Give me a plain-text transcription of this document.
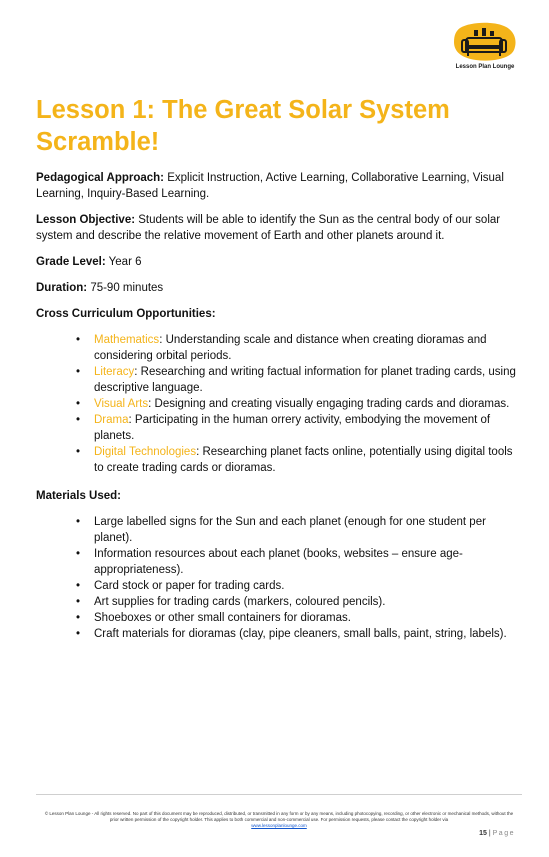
Lesson Plan Lounge
Lesson 1: The Great Solar System Scramble!

Pedagogical Approach: Explicit Instruction, Active Learning, Collaborative Learning, Visual Learning, Inquiry-Based Learning.

Lesson Objective: Students will be able to identify the Sun as the central body of our solar system and describe the relative movement of Earth and other planets around it.

Grade Level: Year 6

Duration: 75-90 minutes

Cross Curriculum Opportunities:
• Mathematics: Understanding scale and distance when creating dioramas and considering orbital periods.
• Literacy: Researching and writing factual information for planet trading cards, using descriptive language.
• Visual Arts: Designing and creating visually engaging trading cards and dioramas.
• Drama: Participating in the human orrery activity, embodying the movement of planets.
• Digital Technologies: Researching planet facts online, potentially using digital tools to create trading cards or dioramas.
Materials Used:
• Large labelled signs for the Sun and each planet (enough for one student per planet).
• Information resources about each planet (books, websites – ensure age-appropriateness).
• Card stock or paper for trading cards.
• Art supplies for trading cards (markers, coloured pencils).
• Shoeboxes or other small containers for dioramas.
• Craft materials for dioramas (clay, pipe cleaners, small balls, paint, string, labels).
© Lesson Plan Lounge - All rights reserved. No part of this document may be reproduced, distributed, or transmitted in any form or by any means, including photocopying, recording, or other electronic or mechanical methods, without the prior written permission of the copyright holder. This applies to both commercial and non-commercial use. For permission requests, please contact the copyright holder via
www.lessonplanlounge.com
15 | Page
